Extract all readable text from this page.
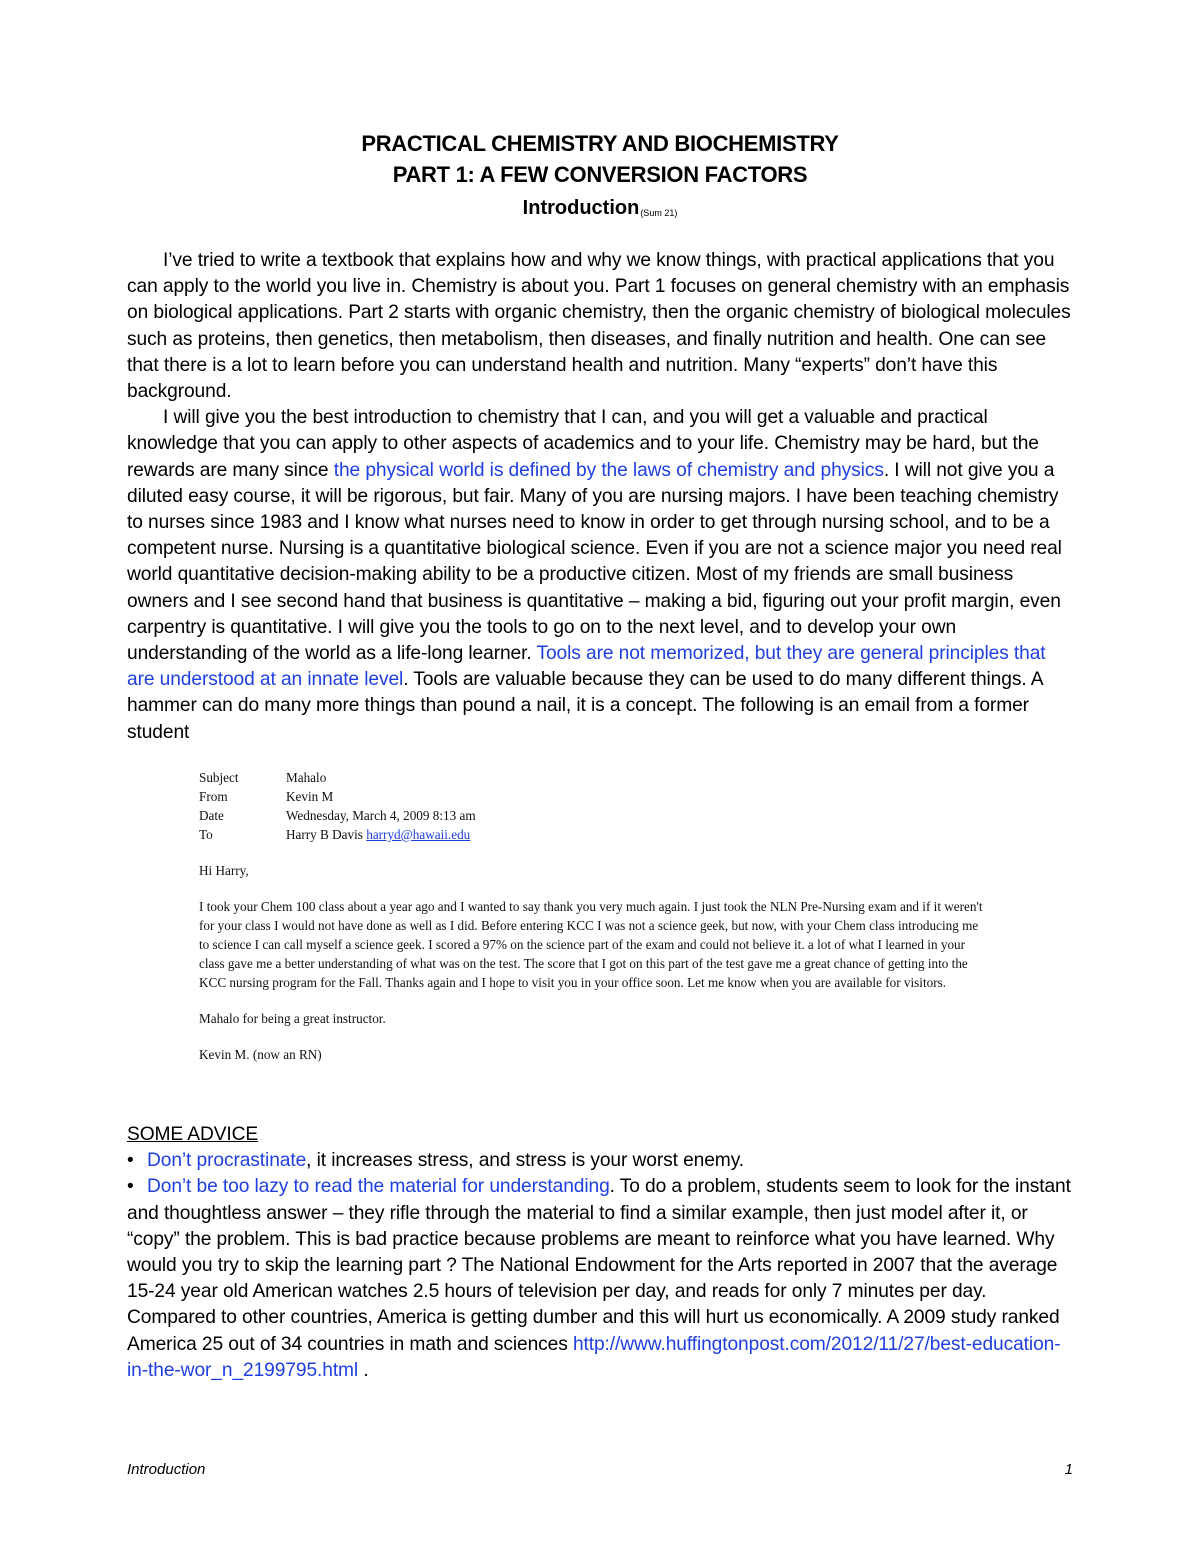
PRACTICAL CHEMISTRY AND BIOCHEMISTRY
PART 1: A FEW CONVERSION FACTORS
Introduction$_{(Sum 21)}$

I’ve tried to write a textbook that explains how and why we know things, with practical applications that you can apply to the world you live in. Chemistry is about you. Part 1 focuses on general chemistry with an emphasis on biological applications. Part 2 starts with organic chemistry, then the organic chemistry of biological molecules such as proteins, then genetics, then metabolism, then diseases, and finally nutrition and health. One can see that there is a lot to learn before you can understand health and nutrition. Many “experts” don’t have this background.

I will give you the best introduction to chemistry that I can, and you will get a valuable and practical knowledge that you can apply to other aspects of academics and to your life. Chemistry may be hard, but the rewards are many since the physical world is defined by the laws of chemistry and physics. I will not give you a diluted easy course, it will be rigorous, but fair. Many of you are nursing majors. I have been teaching chemistry to nurses since 1983 and I know what nurses need to know in order to get through nursing school, and to be a competent nurse. Nursing is a quantitative biological science. Even if you are not a science major you need real world quantitative decision-making ability to be a productive citizen. Most of my friends are small business owners and I see second hand that business is quantitative – making a bid, figuring out your profit margin, even carpentry is quantitative. I will give you the tools to go on to the next level, and to develop your own understanding of the world as a life-long learner. Tools are not memorized, but they are general principles that are understood at an innate level. Tools are valuable because they can be used to do many different things. A hammer can do many more things than pound a nail, it is a concept. The following is an email from a former student

Subject	Mahalo
From	Kevin M
Date	Wednesday, March 4, 2009 8:13 am
To	Harry B Davis harryd@hawaii.edu

Hi Harry,

I took your Chem 100 class about a year ago and I wanted to say thank you very much again. I just took the NLN Pre-Nursing exam and if it weren't for your class I would not have done as well as I did. Before entering KCC I was not a science geek, but now, with your Chem class introducing me to science I can call myself a science geek. I scored a 97% on the science part of the exam and could not believe it. a lot of what I learned in your class gave me a better understanding of what was on the test. The score that I got on this part of the test gave me a great chance of getting into the KCC nursing program for the Fall. Thanks again and I hope to visit you in your office soon. Let me know when you are available for visitors.

Mahalo for being a great instructor.

Kevin M. (now an RN)

SOME ADVICE

• Don’t procrastinate, it increases stress, and stress is your worst enemy.

• Don’t be too lazy to read the material for understanding. To do a problem, students seem to look for the instant and thoughtless answer – they rifle through the material to find a similar example, then just model after it, or “copy” the problem. This is bad practice because problems are meant to reinforce what you have learned. Why would you try to skip the learning part ? The National Endowment for the Arts reported in 2007 that the average 15-24 year old American watches 2.5 hours of television per day, and reads for only 7 minutes per day. Compared to other countries, America is getting dumber and this will hurt us economically. A 2009 study ranked America 25 out of 34 countries in math and sciences http://www.huffingtonpost.com/2012/11/27/best-education-in-the-wor_n_2199795.html .

Introduction	1
